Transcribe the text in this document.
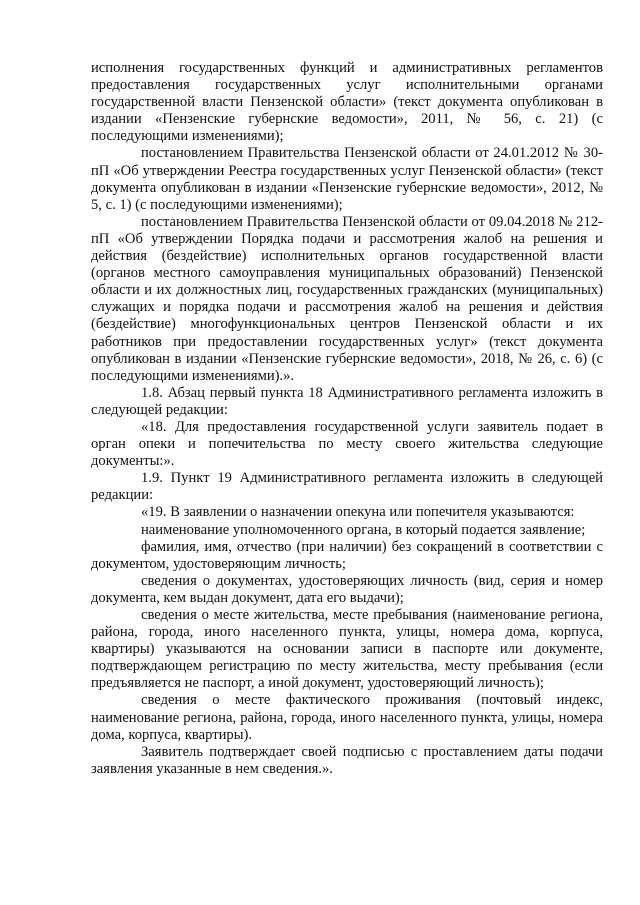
исполнения государственных функций и административных регламентов предоставления государственных услуг исполнительными органами государственной власти Пензенской области» (текст документа опубликован в издании «Пензенские губернские ведомости», 2011, № 56, с. 21) (с последующими изменениями);

постановлением Правительства Пензенской области от 24.01.2012 № 30-пП «Об утверждении Реестра государственных услуг Пензенской области» (текст документа опубликован в издании «Пензенские губернские ведомости», 2012, № 5, с. 1) (с последующими изменениями);

постановлением Правительства Пензенской области от 09.04.2018 № 212-пП «Об утверждении Порядка подачи и рассмотрения жалоб на решения и действия (бездействие) исполнительных органов государственной власти (органов местного самоуправления муниципальных образований) Пензенской области и их должностных лиц, государственных гражданских (муниципальных) служащих и порядка подачи и рассмотрения жалоб на решения и действия (бездействие) многофункциональных центров Пензенской области и их работников при предоставлении государственных услуг» (текст документа опубликован в издании «Пензенские губернские ведомости», 2018, № 26, с. 6) (с последующими изменениями).».

1.8. Абзац первый пункта 18 Административного регламента изложить в следующей редакции:

«18. Для предоставления государственной услуги заявитель подает в орган опеки и попечительства по месту своего жительства следующие документы:».

1.9. Пункт 19 Административного регламента изложить в следующей редакции:

«19. В заявлении о назначении опекуна или попечителя указываются:

наименование уполномоченного органа, в который подается заявление;

фамилия, имя, отчество (при наличии) без сокращений в соответствии с документом, удостоверяющим личность;

сведения о документах, удостоверяющих личность (вид, серия и номер документа, кем выдан документ, дата его выдачи);

сведения о месте жительства, месте пребывания (наименование региона, района, города, иного населенного пункта, улицы, номера дома, корпуса, квартиры) указываются на основании записи в паспорте или документе, подтверждающем регистрацию по месту жительства, месту пребывания (если предъявляется не паспорт, а иной документ, удостоверяющий личность);

сведения о месте фактического проживания (почтовый индекс, наименование региона, района, города, иного населенного пункта, улицы, номера дома, корпуса, квартиры).

Заявитель подтверждает своей подписью с проставлением даты подачи заявления указанные в нем сведения.».
